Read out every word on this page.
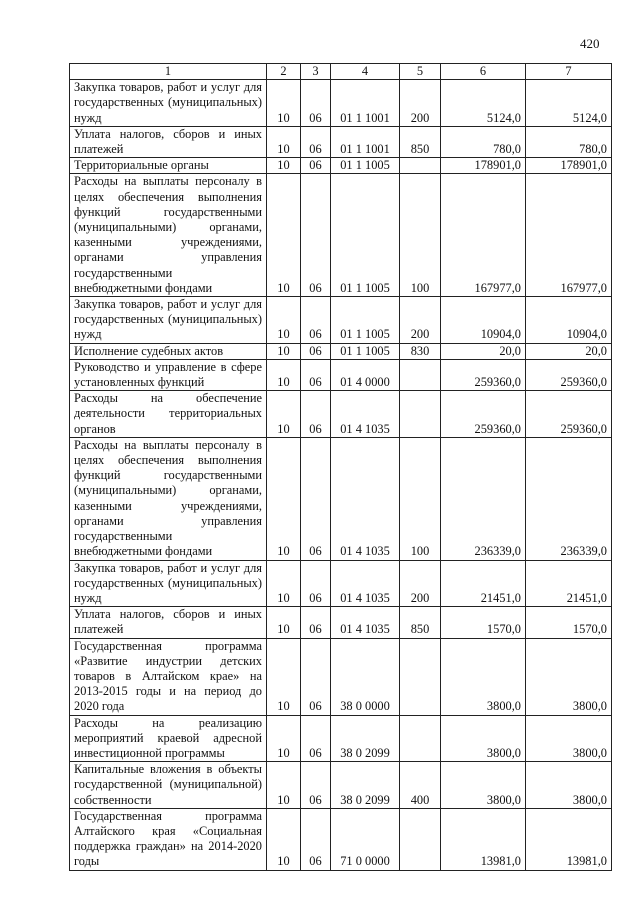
420
1	2	3	4	5	6	7
Закупка товаров, работ и услуг для государственных (муниципальных) нужд	10	06	01 1 1001	200	5124,0	5124,0
Уплата налогов, сборов и иных платежей	10	06	01 1 1001	850	780,0	780,0
Территориальные органы	10	06	01 1 1005		178901,0	178901,0
Расходы на выплаты персоналу в целях обеспечения выполнения функций государственными (муниципальными) органами, казенными учреждениями, органами управления государственными внебюджетными фондами	10	06	01 1 1005	100	167977,0	167977,0
Закупка товаров, работ и услуг для государственных (муниципальных) нужд	10	06	01 1 1005	200	10904,0	10904,0
Исполнение судебных актов	10	06	01 1 1005	830	20,0	20,0
Руководство и управление в сфере установленных функций	10	06	01 4 0000		259360,0	259360,0
Расходы на обеспечение деятельности территориальных органов	10	06	01 4 1035		259360,0	259360,0
Расходы на выплаты персоналу в целях обеспечения выполнения функций государственными (муниципальными) органами, казенными учреждениями, органами управления государственными внебюджетными фондами	10	06	01 4 1035	100	236339,0	236339,0
Закупка товаров, работ и услуг для государственных (муниципальных) нужд	10	06	01 4 1035	200	21451,0	21451,0
Уплата налогов, сборов и иных платежей	10	06	01 4 1035	850	1570,0	1570,0
Государственная программа «Развитие индустрии детских товаров в Алтайском крае» на 2013-2015 годы и на период до 2020 года	10	06	38 0 0000		3800,0	3800,0
Расходы на реализацию мероприятий краевой адресной инвестиционной программы	10	06	38 0 2099		3800,0	3800,0
Капитальные вложения в объекты государственной (муниципальной) собственности	10	06	38 0 2099	400	3800,0	3800,0
Государственная программа Алтайского края «Социальная поддержка граждан» на 2014-2020 годы	10	06	71 0 0000		13981,0	13981,0
